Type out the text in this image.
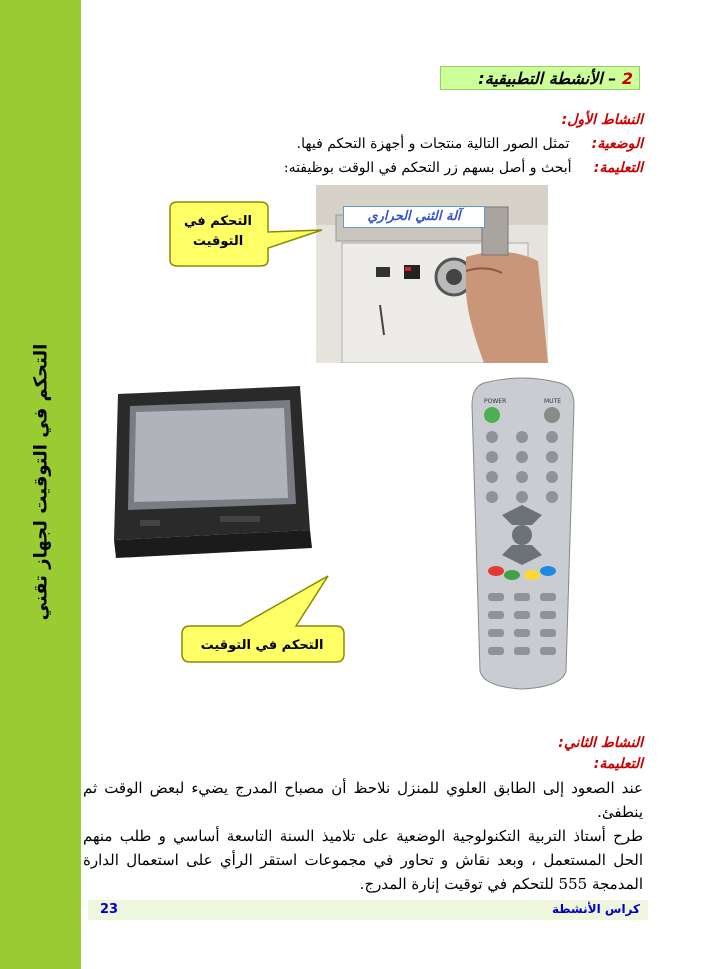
التحكم في التوقيت لجهاز تقني
2 – الأنشطة التطبيقية:
النشاط الأول:
الوضعية:     تمثل الصور التالية منتجات و أجهزة التحكم فيها.
التعليمة:     أبحث و أصل بسهم زر التحكم في الوقت بوظيفته:
آلة الثني الحراري
التحكم في
التوقيت
POWER	MUTE
التحكم في التوقيت
النشاط الثاني:
التعليمة:
عند الصعود إلى الطابق العلوي للمنزل نلاحظ أن مصباح المدرج يضيء لبعض الوقت ثم ينطفئ.
طرح أستاذ التربية التكنولوجية الوضعية على تلاميذ السنة التاسعة أساسي و طلب منهم الحل المستعمل ، وبعد نقاش و تحاور في مجموعات استقر الرأي على استعمال الدارة المدمجة 555 للتحكم في توقيت إنارة المدرج.
23	كراس الأنشطة
